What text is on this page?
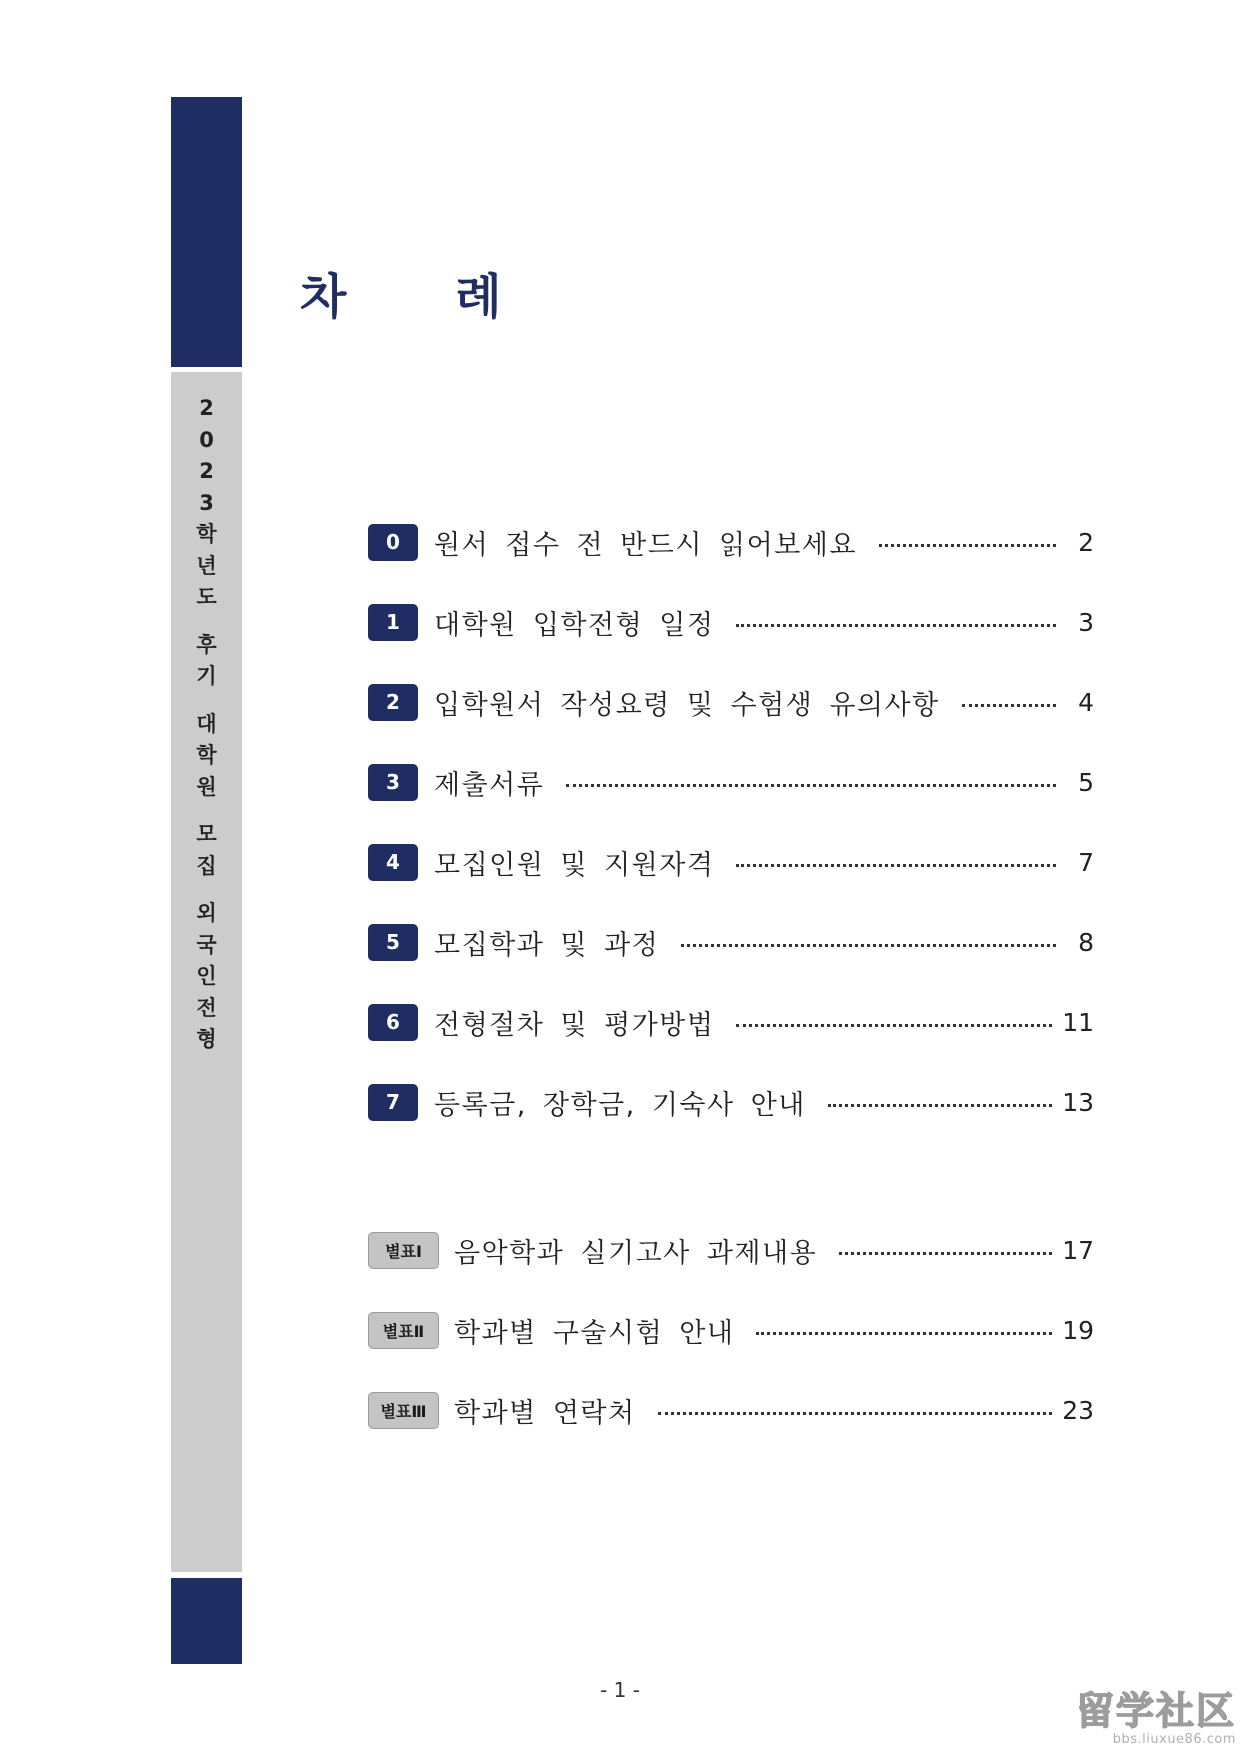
2
0
2
3
학
년
도
후
기
대
학
원
모
집
외
국
인
전
형
차 례
0	원서 접수 전 반드시 읽어보세요	2
1	대학원 입학전형 일정	3
2	입학원서 작성요령 및 수험생 유의사항	4
3	제출서류	5
4	모집인원 및 지원자격	7
5	모집학과 및 과정	8
6	전형절차 및 평가방법	11
7	등록금, 장학금, 기숙사 안내	13
별표Ⅰ	음악학과 실기고사 과제내용	17
별표Ⅱ	학과별 구술시험 안내	19
별표Ⅲ	학과별 연락처	23
- 1 -	留学社区
bbs.liuxue86.com
